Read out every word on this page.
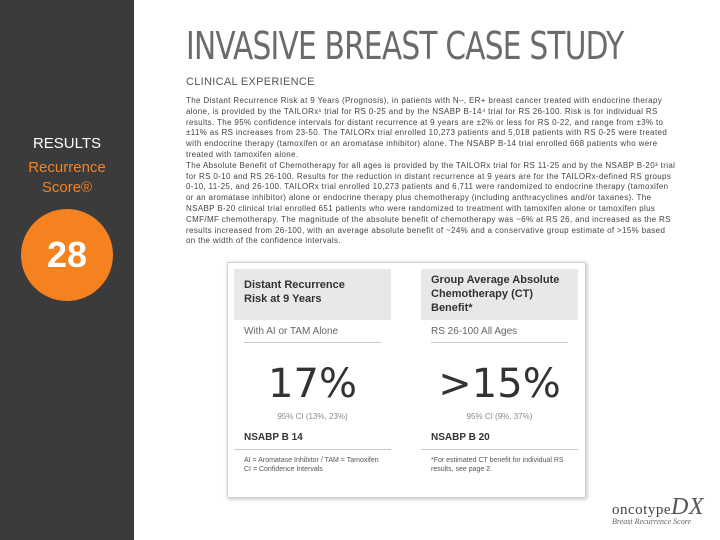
RESULTS
Recurrence
Score®
28
INVASIVE BREAST CASE STUDY
CLINICAL EXPERIENCE

The Distant Recurrence Risk at 9 Years (Prognosis), in patients with N–, ER+ breast cancer treated with endocrine therapy alone, is provided by the TAILORx¹ trial for RS 0-25 and by the NSABP B-14⁴ trial for RS 26-100. Risk is for individual RS results. The 95% confidence intervals for distant recurrence at 9 years are ±2% or less for RS 0-22, and range from ±3% to ±11% as RS increases from 23-50. The TAILORx trial enrolled 10,273 patients and 5,018 patients with RS 0-25 were treated with endocrine therapy (tamoxifen or an aromatase inhibitor) alone. The NSABP B-14 trial enrolled 668 patients who were treated with tamoxifen alone.

The Absolute Benefit of Chemotherapy for all ages is provided by the TAILORx trial for RS 11-25 and by the NSABP B-20³ trial for RS 0-10 and RS 26-100. Results for the reduction in distant recurrence at 9 years are for the TAILORx-defined RS groups 0-10, 11-25, and 26-100. TAILORx trial enrolled 10,273 patients and 6,711 were randomized to endocrine therapy (tamoxifen or an aromatase inhibitor) alone or endocrine therapy plus chemotherapy (including anthracyclines and/or taxanes). The NSABP B-20 clinical trial enrolled 651 patients who were randomized to treatment with tamoxifen alone or tamoxifen plus CMF/MF chemotherapy. The magnitude of the absolute benefit of chemotherapy was ~6% at RS 26, and increased as the RS results increased from 26-100, with an average absolute benefit of ~24% and a conservative group estimate of >15% based on the width of the confidence intervals.

Distant Recurrence
Risk at 9 Years
With AI or TAM Alone
17%
95% CI (13%, 23%)
NSABP B 14
AI = Aromatase Inhibitor / TAM = Tamoxifen
CI = Confidence Intervals
Group Average Absolute
Chemotherapy (CT)
Benefit*
RS 26-100 All Ages
>15%
95% CI (9%, 37%)
NSABP B 20
*For estimated CT benefit for individual RS
results, see page 2.
oncotypeDX
Breast Recurrence Score
